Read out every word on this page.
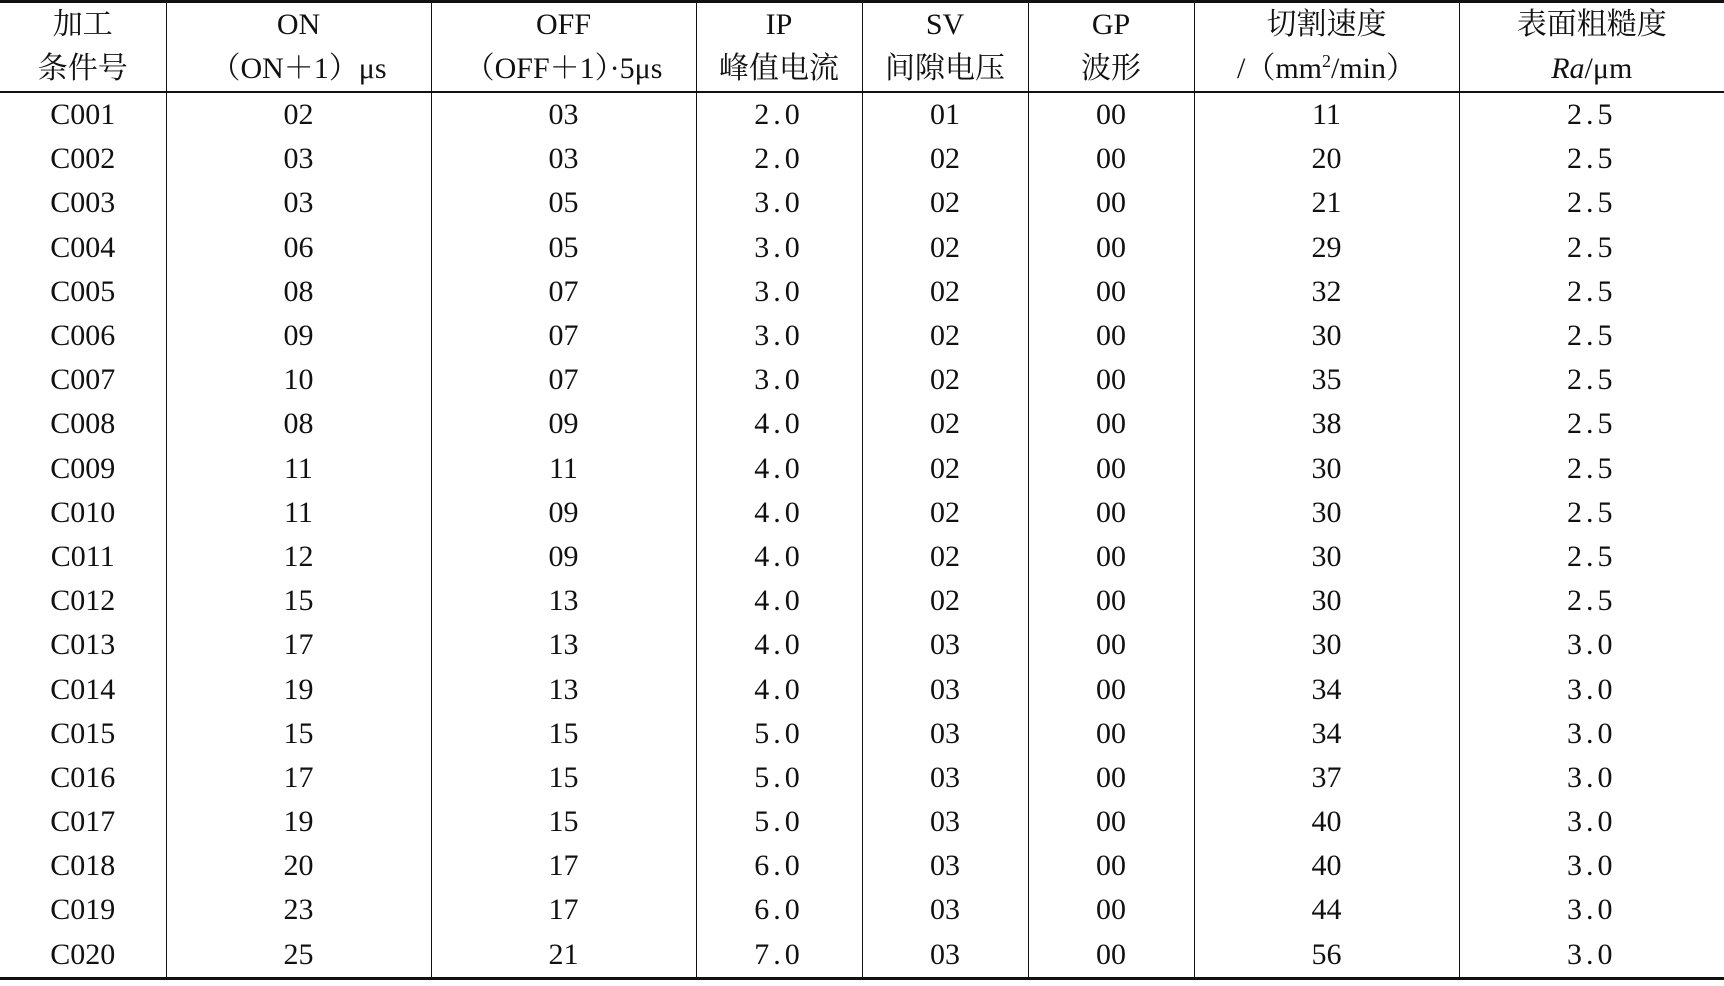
加工	ON	OFF	IP	SV	GP	切割速度	表面粗糙度
条件号	（ON＋1）μs	（OFF＋1）·5μs	峰值电流	间隙电压	波形	$/(mm^2/\min)$	Ra/μm
C001	02	03	2.0	01	00	11	2.5
C002	03	03	2.0	02	00	20	2.5
C003	03	05	3.0	02	00	21	2.5
C004	06	05	3.0	02	00	29	2.5
C005	08	07	3.0	02	00	32	2.5
C006	09	07	3.0	02	00	30	2.5
C007	10	07	3.0	02	00	35	2.5
C008	08	09	4.0	02	00	38	2.5
C009	11	11	4.0	02	00	30	2.5
C010	11	09	4.0	02	00	30	2.5
C011	12	09	4.0	02	00	30	2.5
C012	15	13	4.0	02	00	30	2.5
C013	17	13	4.0	03	00	30	3.0
C014	19	13	4.0	03	00	34	3.0
C015	15	15	5.0	03	00	34	3.0
C016	17	15	5.0	03	00	37	3.0
C017	19	15	5.0	03	00	40	3.0
C018	20	17	6.0	03	00	40	3.0
C019	23	17	6.0	03	00	44	3.0
C020	25	21	7.0	03	00	56	3.0
